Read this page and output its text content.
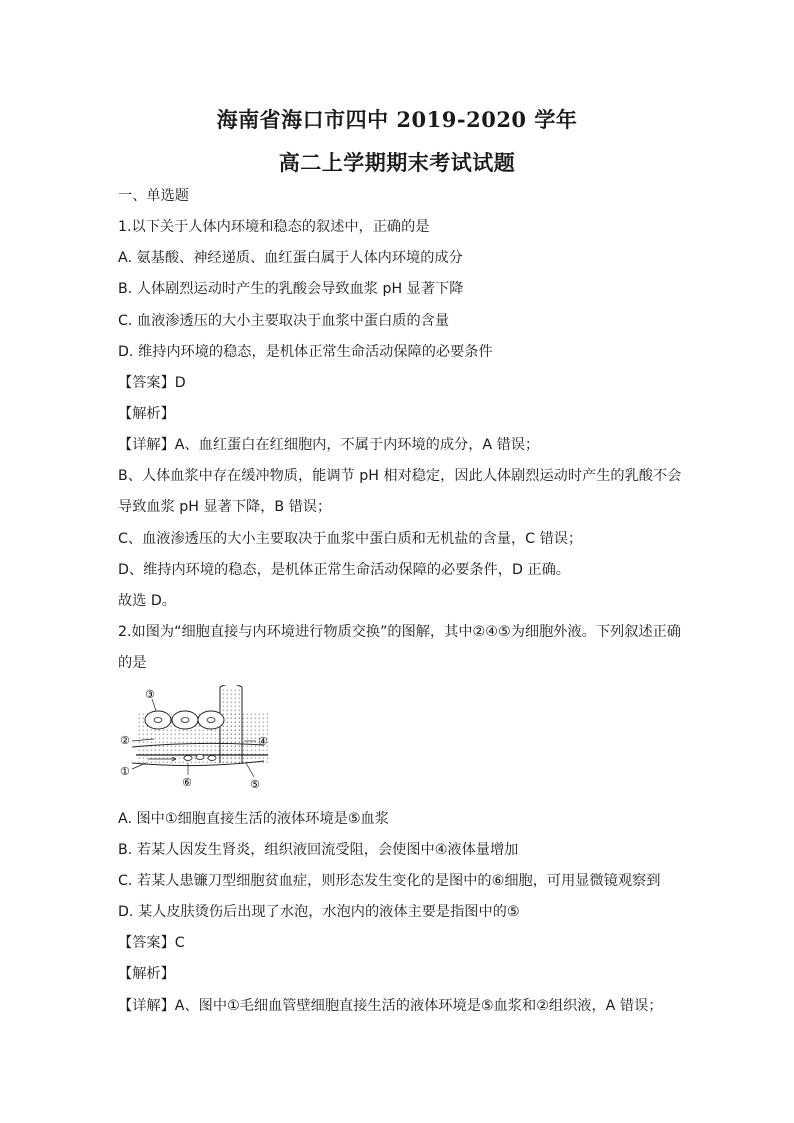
海南省海口市四中 2019-2020 学年
高二上学期期末考试试题
一、单选题
1.以下关于人体内环境和稳态的叙述中，正确的是
A. 氨基酸、神经递质、血红蛋白属于人体内环境的成分
B. 人体剧烈运动时产生的乳酸会导致血浆 pH 显著下降
C. 血液渗透压的大小主要取决于血浆中蛋白质的含量
D. 维持内环境的稳态，是机体正常生命活动保障的必要条件
【答案】D
【解析】
【详解】A、血红蛋白在红细胞内，不属于内环境的成分，A 错误；
B、人体血浆中存在缓冲物质，能调节 pH 相对稳定，因此人体剧烈运动时产生的乳酸不会
导致血浆 pH 显著下降，B 错误；
C、血液渗透压的大小主要取决于血浆中蛋白质和无机盐的含量，C 错误；
D、维持内环境的稳态，是机体正常生命活动保障的必要条件，D 正确。
故选 D。
2.如图为“细胞直接与内环境进行物质交换”的图解，其中②④⑤为细胞外液。下列叙述正确
的是
③
②	④
①
⑥	⑤
A. 图中①细胞直接生活的液体环境是⑤血浆
B. 若某人因发生肾炎，组织液回流受阻，会使图中④液体量增加
C. 若某人患镰刀型细胞贫血症，则形态发生变化的是图中的⑥细胞，可用显微镜观察到
D. 某人皮肤烫伤后出现了水泡，水泡内的液体主要是指图中的⑤
【答案】C
【解析】
【详解】A、图中①毛细血管壁细胞直接生活的液体环境是⑤血浆和②组织液，A 错误；
